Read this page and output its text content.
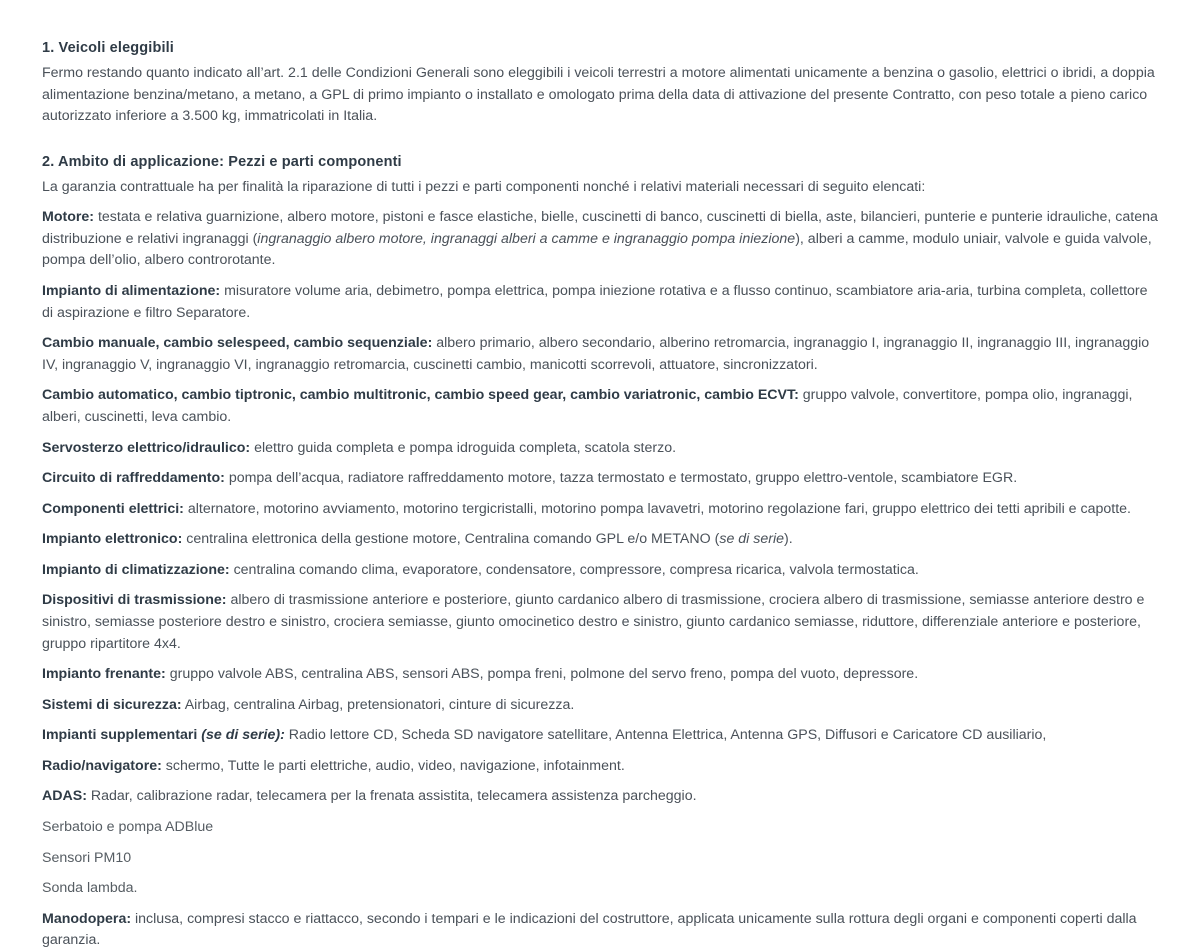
1. Veicoli eleggibili

Fermo restando quanto indicato all’art. 2.1 delle Condizioni Generali sono eleggibili i veicoli terrestri a motore alimentati unicamente a benzina o gasolio, elettrici o ibridi, a doppia alimentazione benzina/metano, a metano, a GPL di primo impianto o installato e omologato prima della data di attivazione del presente Contratto, con peso totale a pieno carico autorizzato inferiore a 3.500 kg, immatricolati in Italia.

2. Ambito di applicazione: Pezzi e parti componenti

La garanzia contrattuale ha per finalità la riparazione di tutti i pezzi e parti componenti nonché i relativi materiali necessari di seguito elencati:

Motore: testata e relativa guarnizione, albero motore, pistoni e fasce elastiche, bielle, cuscinetti di banco, cuscinetti di biella, aste, bilancieri, punterie e punterie idrauliche, catena distribuzione e relativi ingranaggi (ingranaggio albero motore, ingranaggi alberi a camme e ingranaggio pompa iniezione), alberi a camme, modulo uniair, valvole e guida valvole, pompa dell’olio, albero controrotante.

Impianto di alimentazione: misuratore volume aria, debimetro, pompa elettrica, pompa iniezione rotativa e a flusso continuo, scambiatore aria-aria, turbina completa, collettore di aspirazione e filtro Separatore.

Cambio manuale, cambio selespeed, cambio sequenziale: albero primario, albero secondario, alberino retromarcia, ingranaggio I, ingranaggio II, ingranaggio III, ingranaggio IV, ingranaggio V, ingranaggio VI, ingranaggio retromarcia, cuscinetti cambio, manicotti scorrevoli, attuatore, sincronizzatori.

Cambio automatico, cambio tiptronic, cambio multitronic, cambio speed gear, cambio variatronic, cambio ECVT: gruppo valvole, convertitore, pompa olio, ingranaggi, alberi, cuscinetti, leva cambio.

Servosterzo elettrico/idraulico: elettro guida completa e pompa idroguida completa, scatola sterzo.

Circuito di raffreddamento: pompa dell’acqua, radiatore raffreddamento motore, tazza termostato e termostato, gruppo elettro-ventole, scambiatore EGR.

Componenti elettrici: alternatore, motorino avviamento, motorino tergicristalli, motorino pompa lavavetri, motorino regolazione fari, gruppo elettrico dei tetti apribili e capotte.

Impianto elettronico: centralina elettronica della gestione motore, Centralina comando GPL e/o METANO (se di serie).

Impianto di climatizzazione: centralina comando clima, evaporatore, condensatore, compressore, compresa ricarica, valvola termostatica.

Dispositivi di trasmissione: albero di trasmissione anteriore e posteriore, giunto cardanico albero di trasmissione, crociera albero di trasmissione, semiasse anteriore destro e sinistro, semiasse posteriore destro e sinistro, crociera semiasse, giunto omocinetico destro e sinistro, giunto cardanico semiasse, riduttore, differenziale anteriore e posteriore, gruppo ripartitore 4x4.

Impianto frenante: gruppo valvole ABS, centralina ABS, sensori ABS, pompa freni, polmone del servo freno, pompa del vuoto, depressore.

Sistemi di sicurezza: Airbag, centralina Airbag, pretensionatori, cinture di sicurezza.

Impianti supplementari (se di serie): Radio lettore CD, Scheda SD navigatore satellitare, Antenna Elettrica, Antenna GPS, Diffusori e Caricatore CD ausiliario,

Radio/navigatore: schermo, Tutte le parti elettriche, audio, video, navigazione, infotainment.

ADAS: Radar, calibrazione radar, telecamera per la frenata assistita, telecamera assistenza parcheggio.

Serbatoio e pompa ADBlue

Sensori PM10

Sonda lambda.

Manodopera: inclusa, compresi stacco e riattacco, secondo i tempari e le indicazioni del costruttore, applicata unicamente sulla rottura degli organi e componenti coperti dalla garanzia.
